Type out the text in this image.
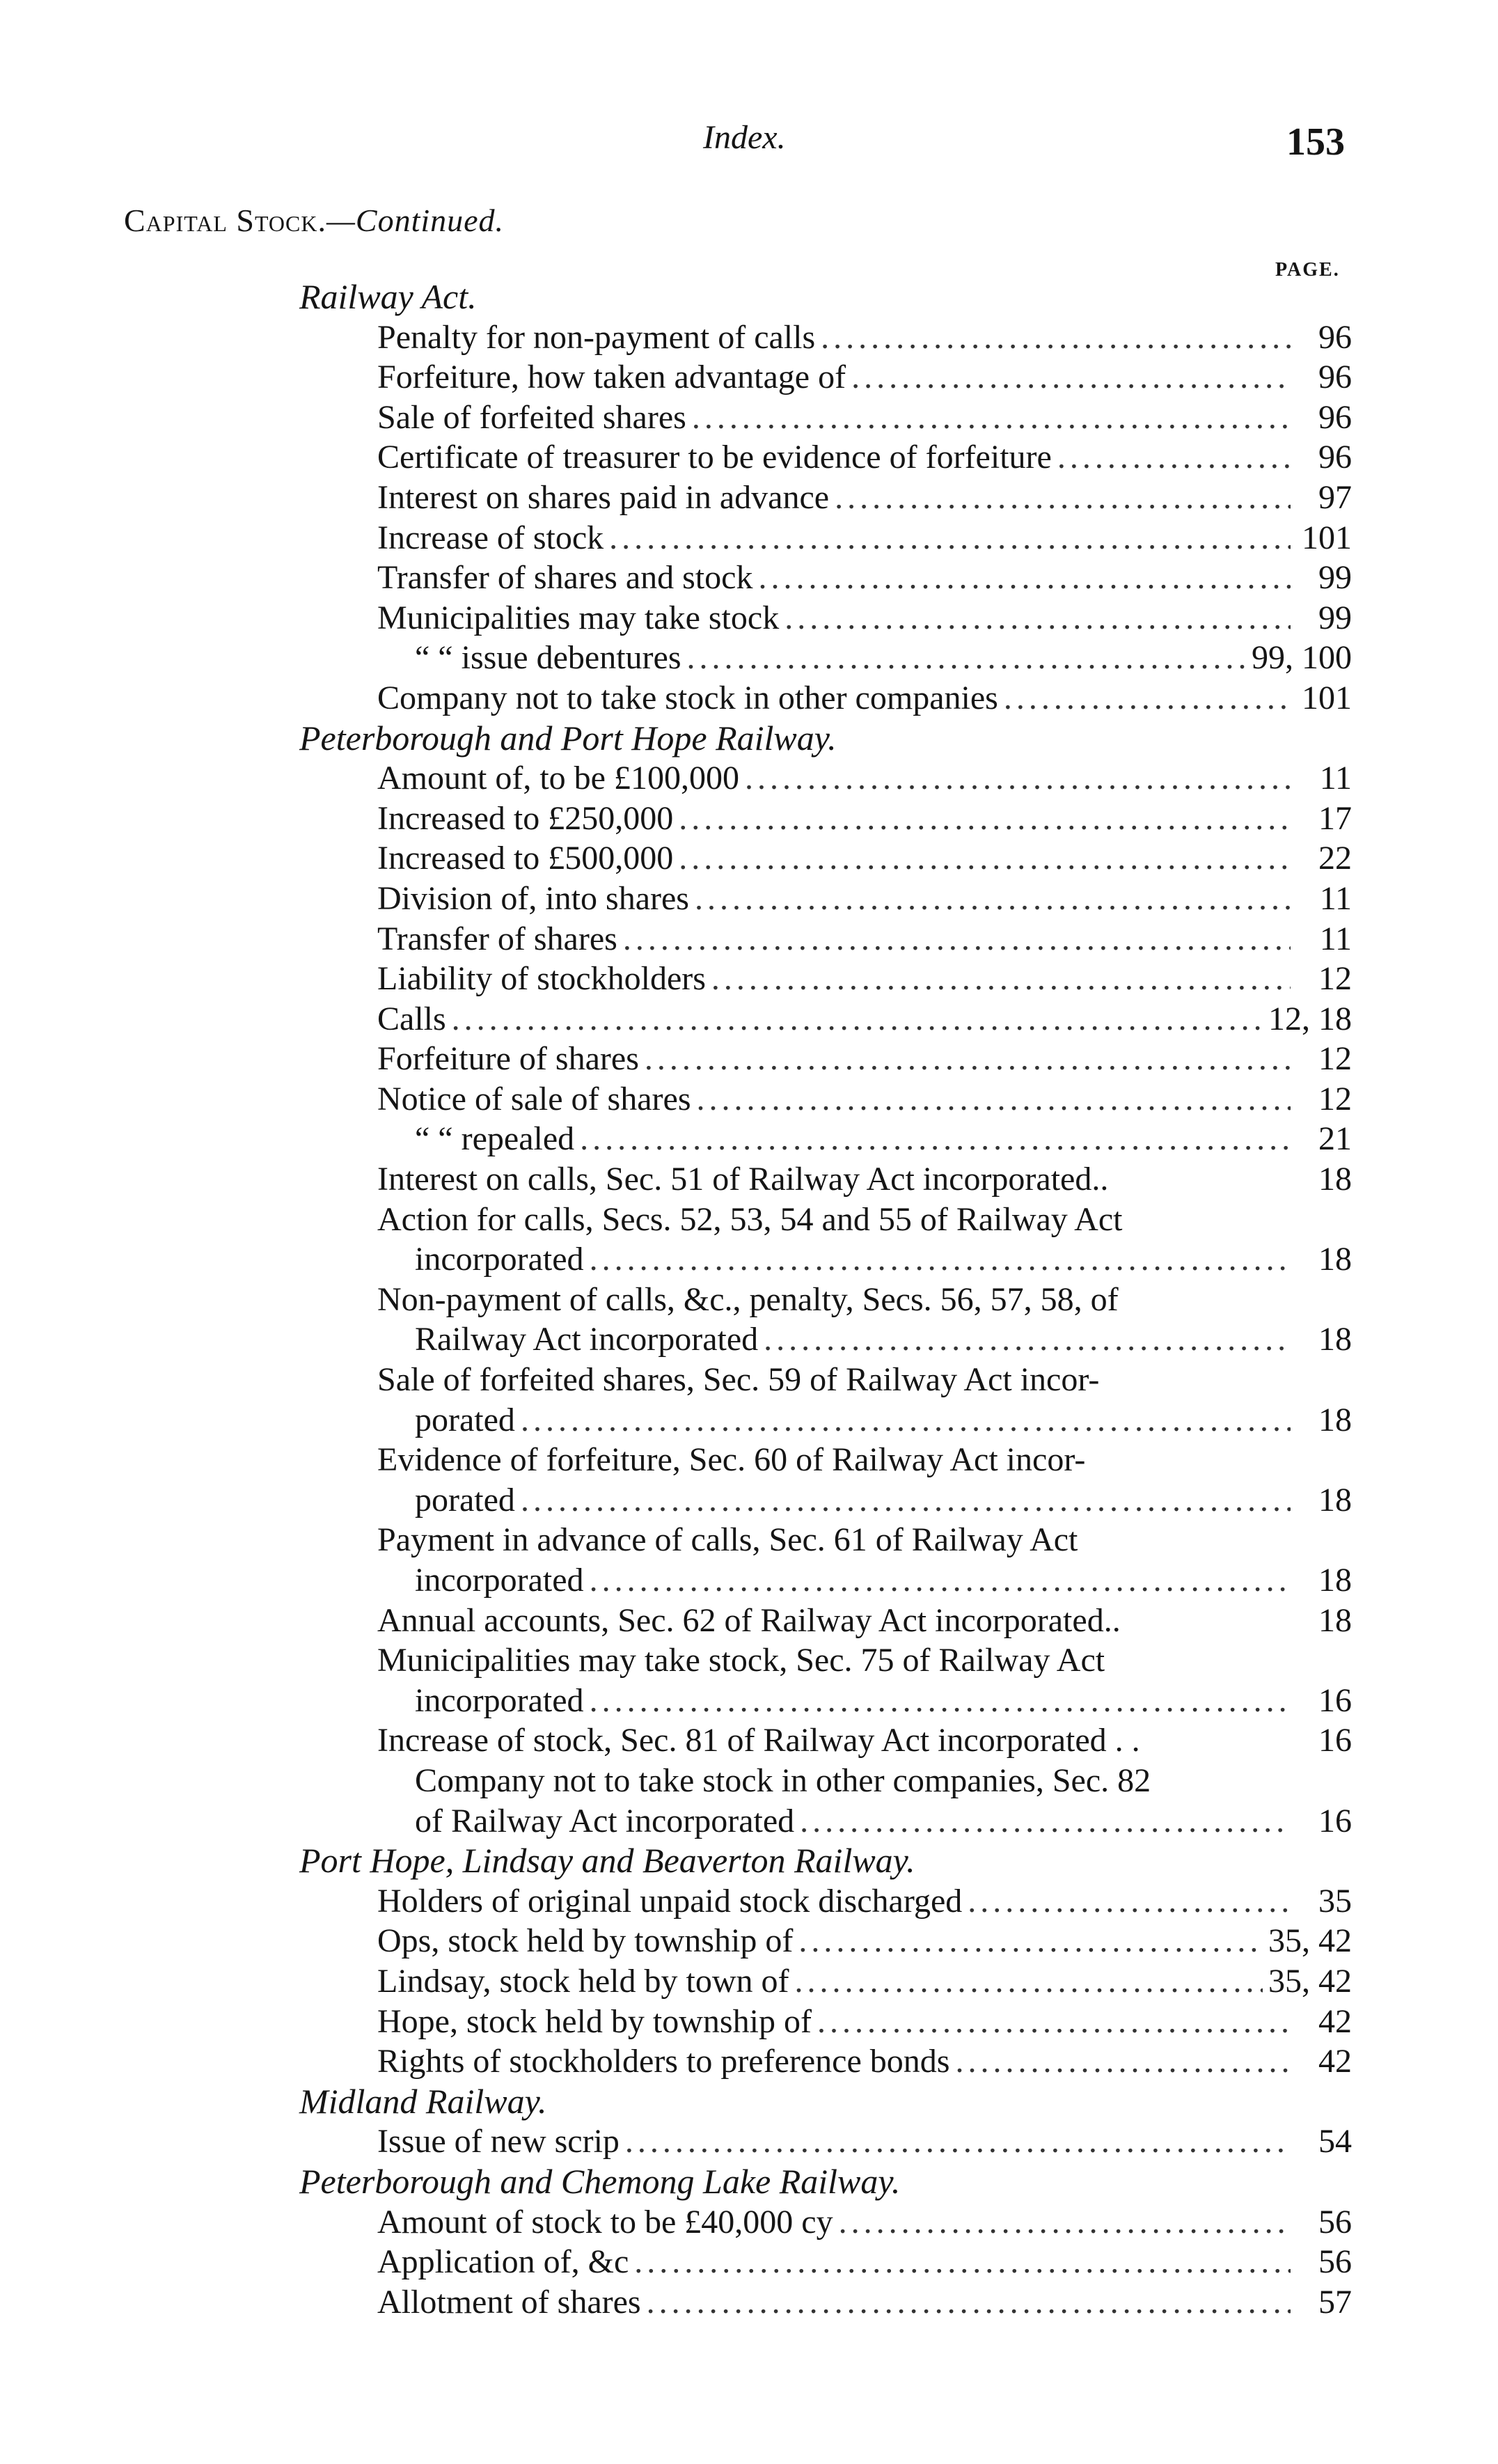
Index.	153
Capital Stock.—Continued.
PAGE.
Railway Act.
Penalty for non-payment of calls .....	96
Forfeiture, how taken advantage of .....	96
Sale of forfeited shares .....	96
Certificate of treasurer to be evidence of forfeiture .....	96
Interest on shares paid in advance .....	97
Increase of stock .....	101
Transfer of shares and stock .....	99
Municipalities may take stock .....	99
“ “ issue debentures .....	99, 100
Company not to take stock in other companies .....	101
Peterborough and Port Hope Railway.
Amount of, to be £100,000 .....	11
Increased to £250,000 .....	17
Increased to £500,000 .....	22
Division of, into shares .....	11
Transfer of shares .....	11
Liability of stockholders .....	12
Calls .....	12, 18
Forfeiture of shares .....	12
Notice of sale of shares .....	12
“ “ repealed .....	21
Interest on calls, Sec. 51 of Railway Act incorporated..	18
Action for calls, Secs. 52, 53, 54 and 55 of Railway Act
incorporated .....	18
Non-payment of calls, &c., penalty, Secs. 56, 57, 58, of
Railway Act incorporated .....	18
Sale of forfeited shares, Sec. 59 of Railway Act incor-
porated .....	18
Evidence of forfeiture, Sec. 60 of Railway Act incor-
porated .....	18
Payment in advance of calls, Sec. 61 of Railway Act
incorporated .....	18
Annual accounts, Sec. 62 of Railway Act incorporated..	18
Municipalities may take stock, Sec. 75 of Railway Act
incorporated .....	16
Increase of stock, Sec. 81 of Railway Act incorporated . .	16
Company not to take stock in other companies, Sec. 82
of Railway Act incorporated .....	16
Port Hope, Lindsay and Beaverton Railway.
Holders of original unpaid stock discharged .....	35
Ops, stock held by township of .....	35, 42
Lindsay, stock held by town of .....	35, 42
Hope, stock held by township of .....	42
Rights of stockholders to preference bonds .....	42
Midland Railway.
Issue of new scrip .....	54
Peterborough and Chemong Lake Railway.
Amount of stock to be £40,000 cy .....	56
Application of, &c .....	56
Allotment of shares .....	57
